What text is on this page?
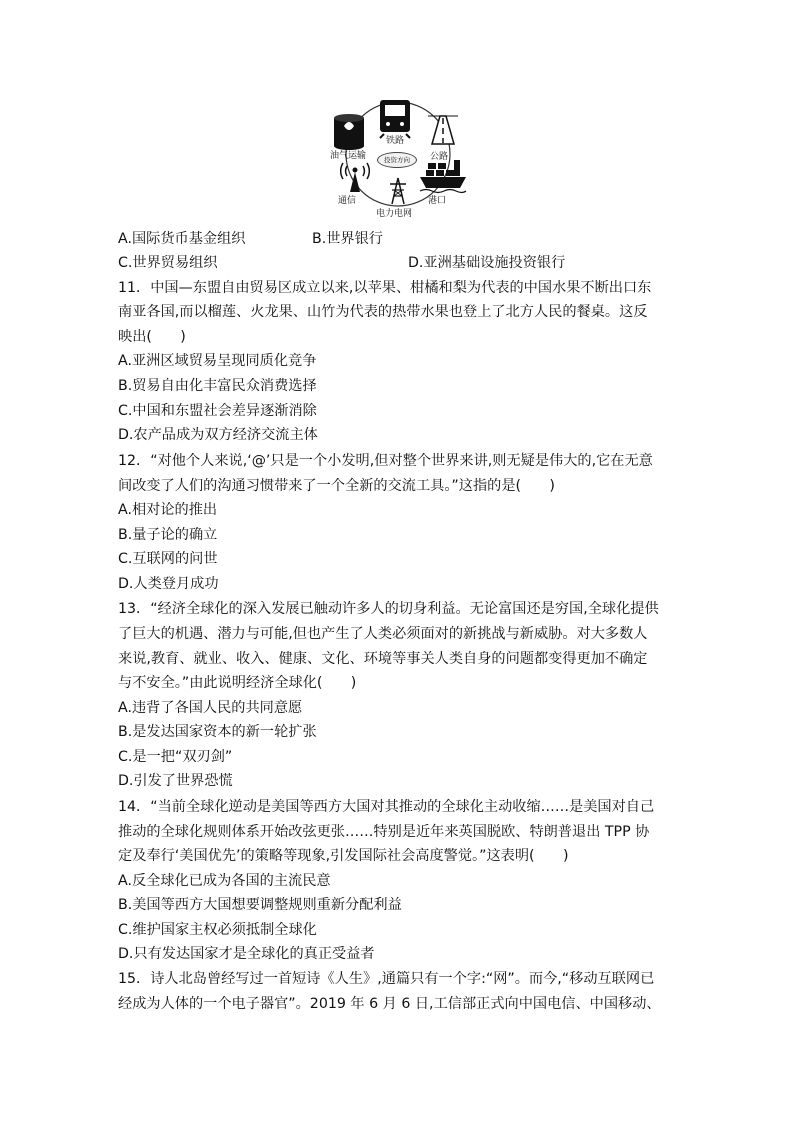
油气运输
铁路
公路
投资方向
通信	港口
电力电网
A.国际货币基金组织	B.世界银行
C.世界贸易组织	D.亚洲基础设施投资银行
11．中国—东盟自由贸易区成立以来,以苹果、柑橘和梨为代表的中国水果不断出口东
南亚各国,而以榴莲、火龙果、山竹为代表的热带水果也登上了北方人民的餐桌。这反
映出(　　)
A.亚洲区域贸易呈现同质化竞争
B.贸易自由化丰富民众消费选择
C.中国和东盟社会差异逐渐消除
D.农产品成为双方经济交流主体
12．“对他个人来说,‘@’只是一个小发明,但对整个世界来讲,则无疑是伟大的,它在无意
间改变了人们的沟通习惯带来了一个全新的交流工具。”这指的是(　　)
A.相对论的推出
B.量子论的确立
C.互联网的问世
D.人类登月成功
13．“经济全球化的深入发展已触动许多人的切身利益。无论富国还是穷国,全球化提供
了巨大的机遇、潜力与可能,但也产生了人类必须面对的新挑战与新威胁。对大多数人
来说,教育、就业、收入、健康、文化、环境等事关人类自身的问题都变得更加不确定
与不安全。”由此说明经济全球化(　　)
A.违背了各国人民的共同意愿
B.是发达国家资本的新一轮扩张
C.是一把“双刃剑”
D.引发了世界恐慌
14．“当前全球化逆动是美国等西方大国对其推动的全球化主动收缩……是美国对自己
推动的全球化规则体系开始改弦更张……特别是近年来英国脱欧、特朗普退出 TPP 协
定及奉行‘美国优先’的策略等现象,引发国际社会高度警觉。”这表明(　　)
A.反全球化已成为各国的主流民意
B.美国等西方大国想要调整规则重新分配利益
C.维护国家主权必须抵制全球化
D.只有发达国家才是全球化的真正受益者
15．诗人北岛曾经写过一首短诗《人生》,通篇只有一个字:“网”。而今,“移动互联网已
经成为人体的一个电子器官”。2019 年 6 月 6 日,工信部正式向中国电信、中国移动、
